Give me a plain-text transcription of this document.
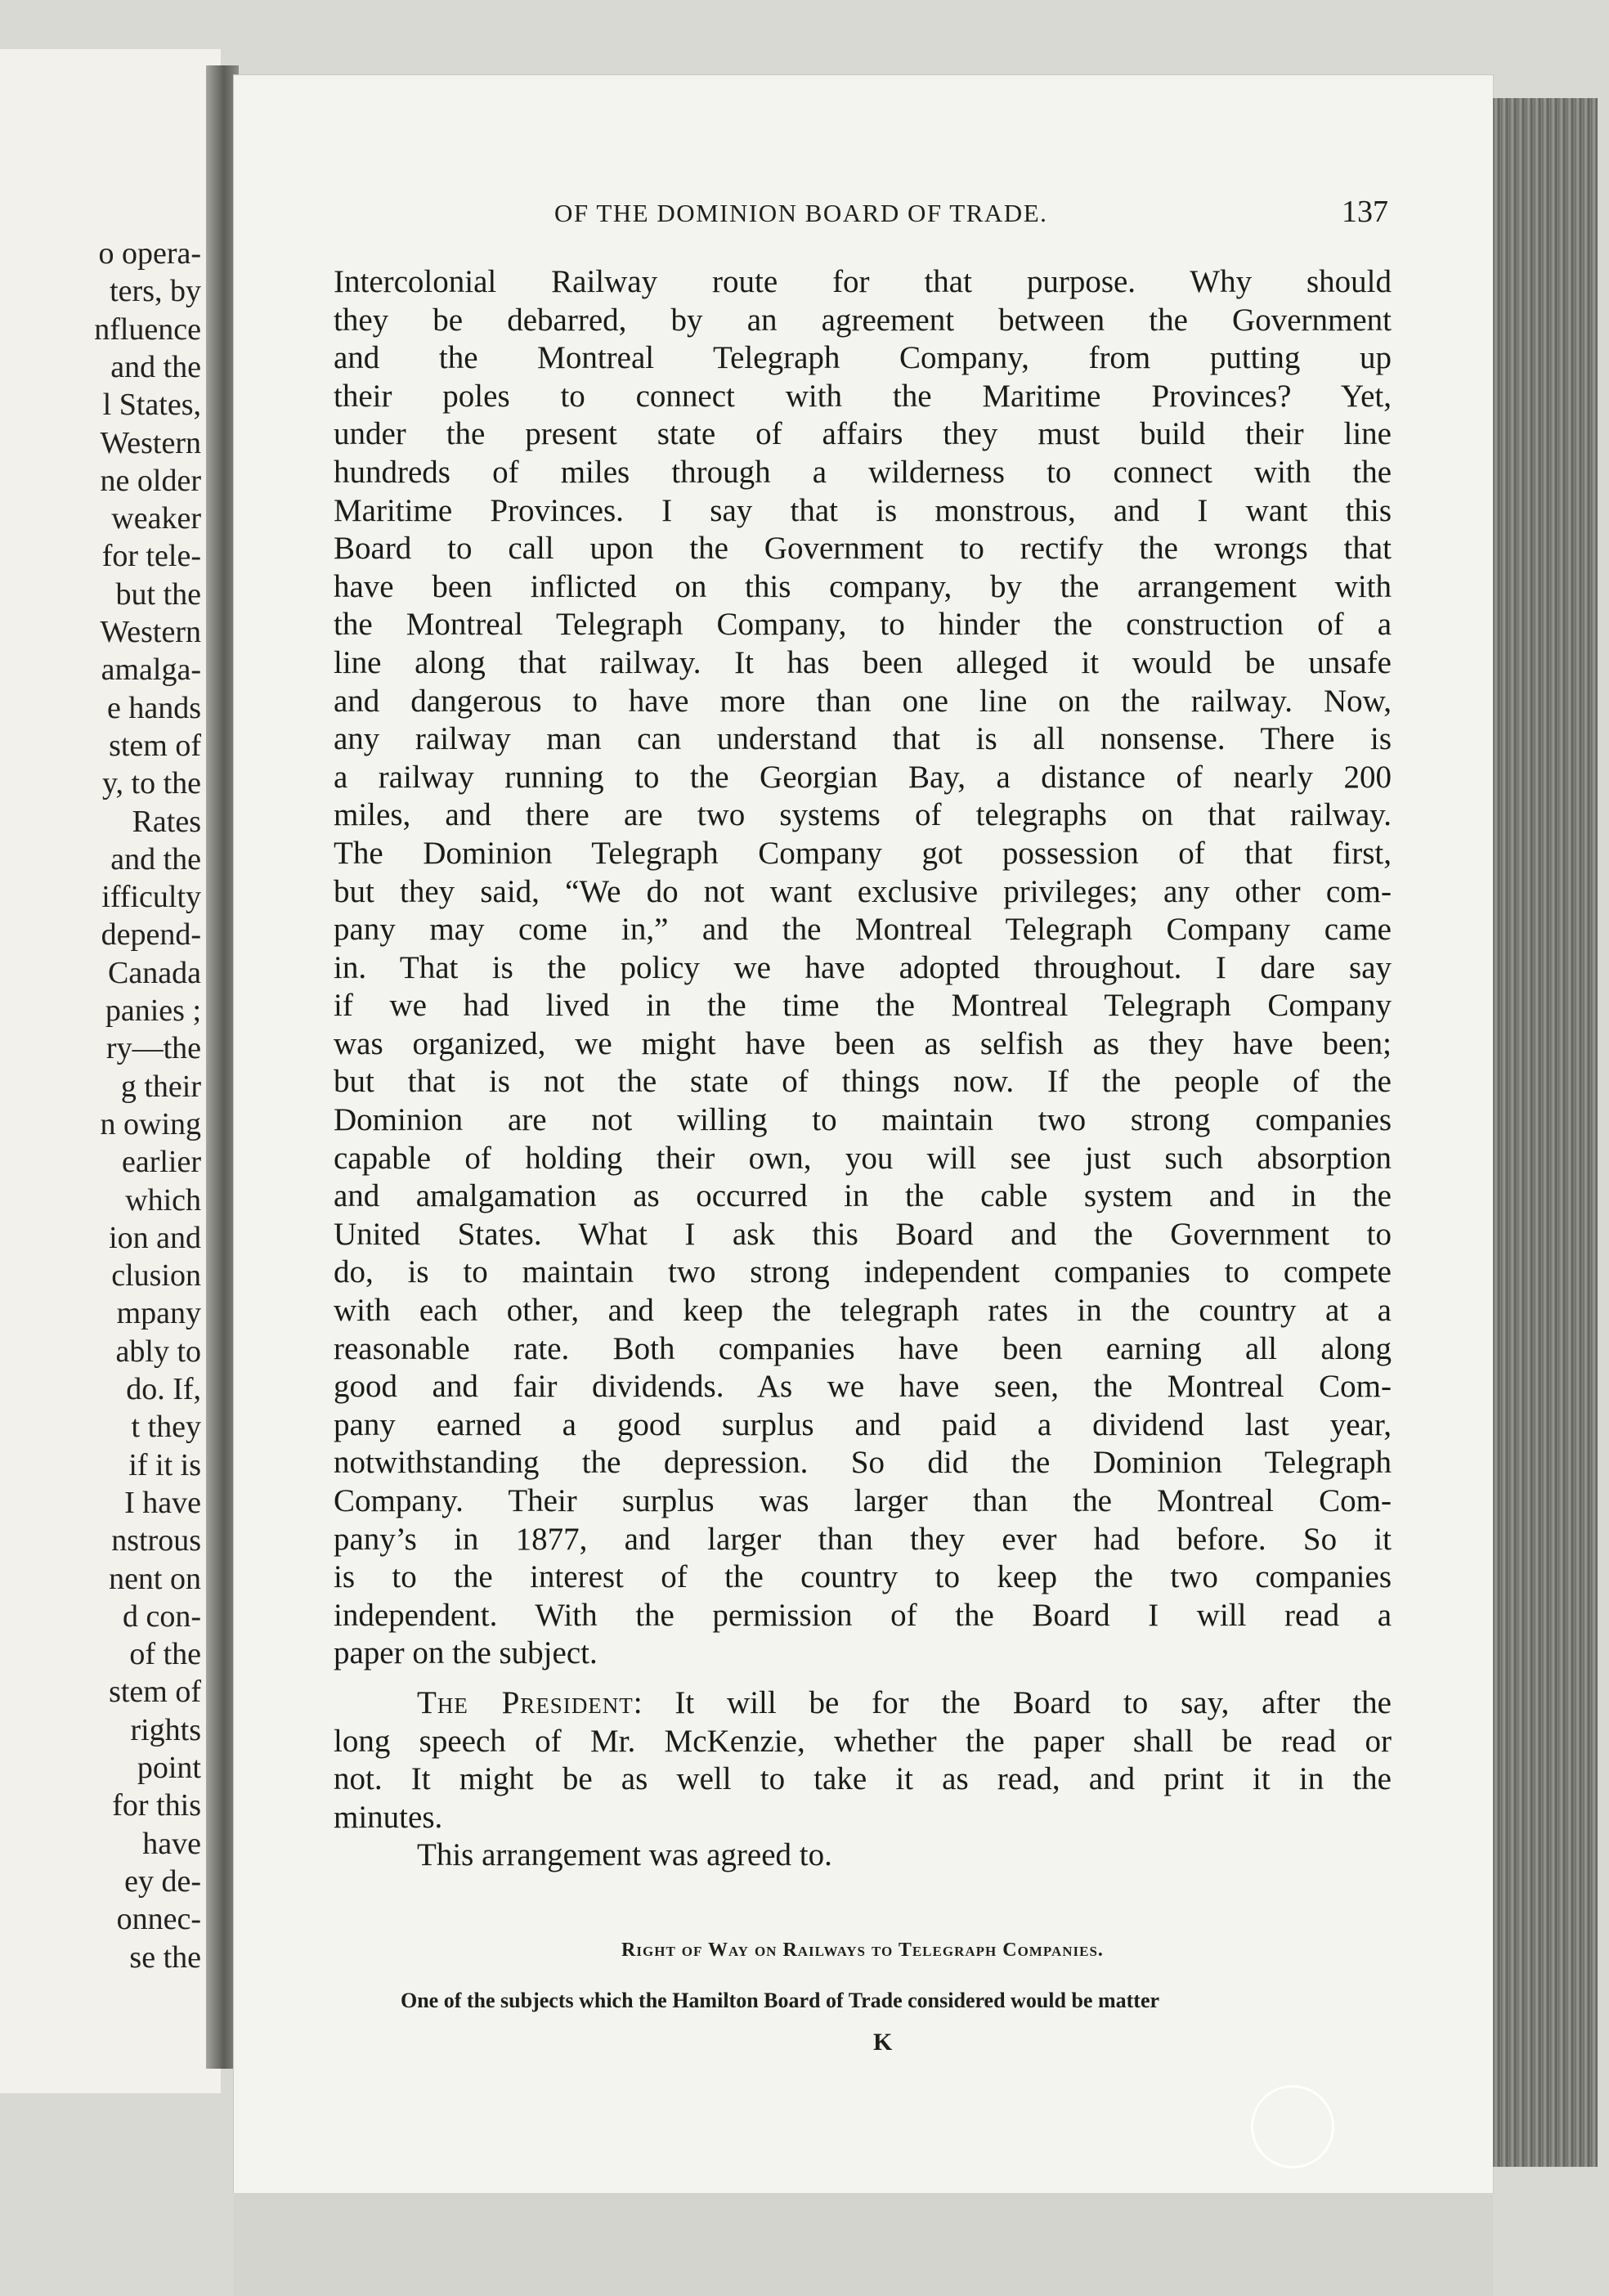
o opera-
ters, by
nfluence
and the
l States,
Western
ne older
weaker
for tele-
but the
Western
amalga-
e hands
stem of
y, to the
Rates
and the
ifficulty
depend-
Canada
panies ;
ry—the
g their
n owing
earlier
which
ion and
clusion
mpany
ably to
do. If,
t they
if it is
I have
nstrous
nent on
d con-
of the
stem of
rights
point
for this
have
ey de-
onnec-
se the
OF THE DOMINION BOARD OF TRADE.	137
Intercolonial Railway route for that purpose. Why should
they be debarred, by an agreement between the Government
and the Montreal Telegraph Company, from putting up
their poles to connect with the Maritime Provinces? Yet,
under the present state of affairs they must build their line
hundreds of miles through a wilderness to connect with the
Maritime Provinces. I say that is monstrous, and I want this
Board to call upon the Government to rectify the wrongs that
have been inflicted on this company, by the arrangement with
the Montreal Telegraph Company, to hinder the construction of a
line along that railway. It has been alleged it would be unsafe
and dangerous to have more than one line on the railway. Now,
any railway man can understand that is all nonsense. There is
a railway running to the Georgian Bay, a distance of nearly 200
miles, and there are two systems of telegraphs on that railway.
The Dominion Telegraph Company got possession of that first,
but they said, “We do not want exclusive privileges; any other com-
pany may come in,” and the Montreal Telegraph Company came
in. That is the policy we have adopted throughout. I dare say
if we had lived in the time the Montreal Telegraph Company
was organized, we might have been as selfish as they have been;
but that is not the state of things now. If the people of the
Dominion are not willing to maintain two strong companies
capable of holding their own, you will see just such absorption
and amalgamation as occurred in the cable system and in the
United States. What I ask this Board and the Government to
do, is to maintain two strong independent companies to compete
with each other, and keep the telegraph rates in the country at a
reasonable rate. Both companies have been earning all along
good and fair dividends. As we have seen, the Montreal Com-
pany earned a good surplus and paid a dividend last year,
notwithstanding the depression. So did the Dominion Telegraph
Company. Their surplus was larger than the Montreal Com-
pany’s in 1877, and larger than they ever had before. So it
is to the interest of the country to keep the two companies
independent. With the permission of the Board I will read a
paper on the subject.
The President: It will be for the Board to say, after the
long speech of Mr. McKenzie, whether the paper shall be read or
not. It might be as well to take it as read, and print it in the
minutes.
This arrangement was agreed to.
Right of Way on Railways to Telegraph Companies.
One of the subjects which the Hamilton Board of Trade considered would be matter
K
